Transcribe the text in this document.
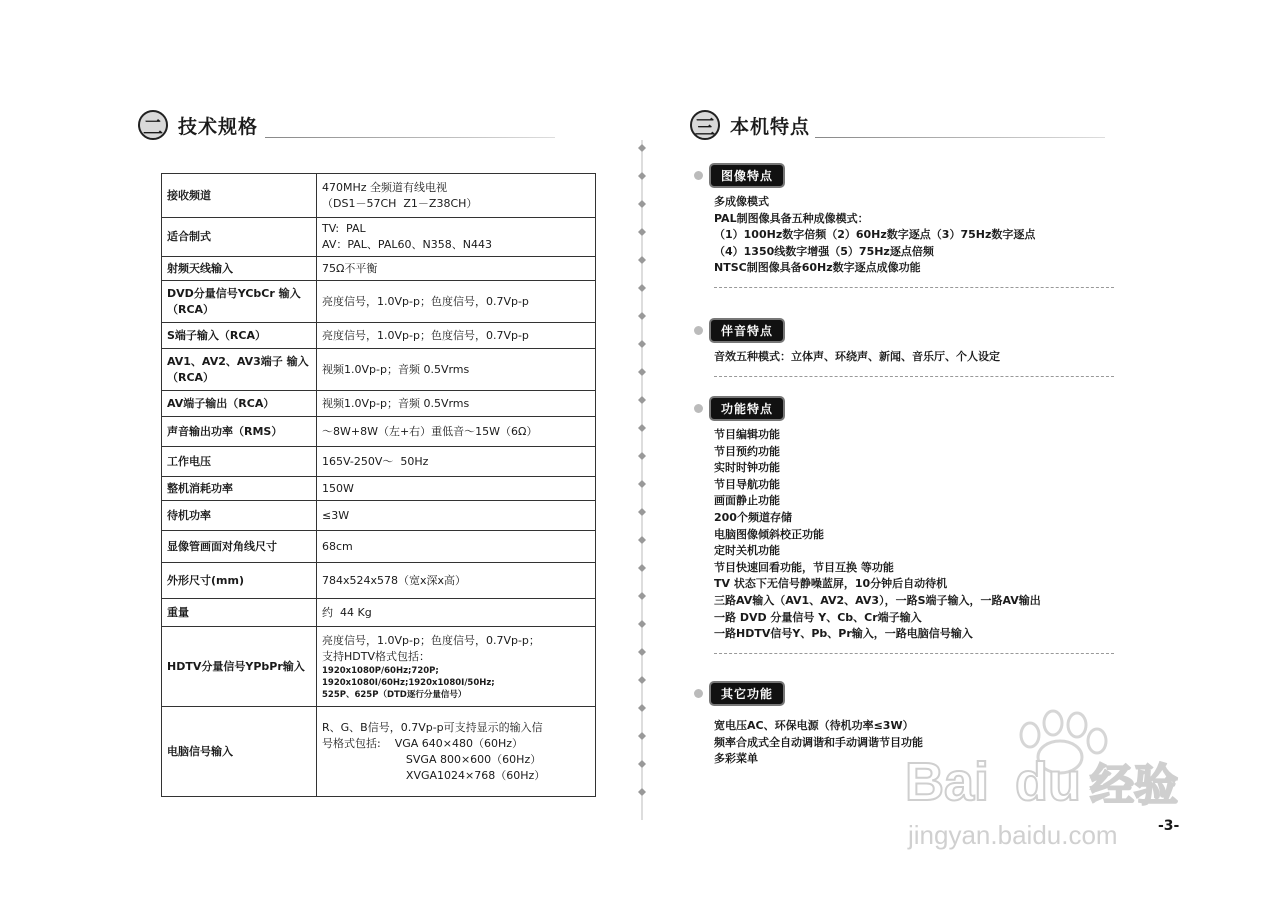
二 技术规格
接收频道	470MHz 全频道有线电视
（DS1－57CH  Z1－Z38CH）

适合制式	TV:  PAL
AV：PAL、PAL60、N358、N443

射频天线输入	75Ω不平衡

DVD分量信号YCbCr 输入（RCA）	亮度信号，1.0Vp-p；色度信号，0.7Vp-p

S端子输入（RCA）	亮度信号，1.0Vp-p；色度信号，0.7Vp-p

AV1、AV2、AV3端子 输入（RCA）	视频1.0Vp-p；音频 0.5Vrms

AV端子输出（RCA）	视频1.0Vp-p；音频 0.5Vrms

声音输出功率（RMS）	～8W+8W（左+右）重低音～15W（6Ω）

工作电压	165V-250V～  50Hz

整机消耗功率	150W

待机功率	≤3W

显像管画面对角线尺寸	68cm

外形尺寸(mm)	784x524x578（宽x深x高）

重量	约  44 Kg

HDTV分量信号YPbPr输入	亮度信号，1.0Vp-p；色度信号，0.7Vp-p；
支持HDTV格式包括：
1920x1080P/60Hz;720P;
1920x1080I/60Hz;1920x1080I/50Hz;
525P、625P（DTD逐行分量信号）

电脑信号输入	R、G、B信号，0.7Vp-p可支持显示的输入信
号格式包括:    VGA 640×480（60Hz）
SVGA 800×600（60Hz）
XVGA1024×768（60Hz）
三 本机特点
图像特点
多成像模式
PAL制图像具备五种成像模式：
（1）100Hz数字倍频（2）60Hz数字逐点（3）75Hz数字逐点
（4）1350线数字增强（5）75Hz逐点倍频
NTSC制图像具备60Hz数字逐点成像功能
伴音特点
音效五种模式：立体声、环绕声、新闻、音乐厅、个人设定
功能特点
节目编辑功能
节目预约功能
实时时钟功能
节目导航功能
画面静止功能
200个频道存储
电脑图像倾斜校正功能
定时关机功能
节目快速回看功能，节目互换 等功能
TV 状态下无信号静噪蓝屏，10分钟后自动待机
三路AV输入（AV1、AV2、AV3），一路S端子输入，一路AV输出
一路 DVD 分量信号 Y、Cb、Cr端子输入
一路HDTV信号Y、Pb、Pr输入，一路电脑信号输入
其它功能
宽电压AC、环保电源（待机功率≤3W）
频率合成式全自动调谐和手动调谐节目功能
多彩菜单	Bai du 经验
jingyan.baidu.com	-3-
